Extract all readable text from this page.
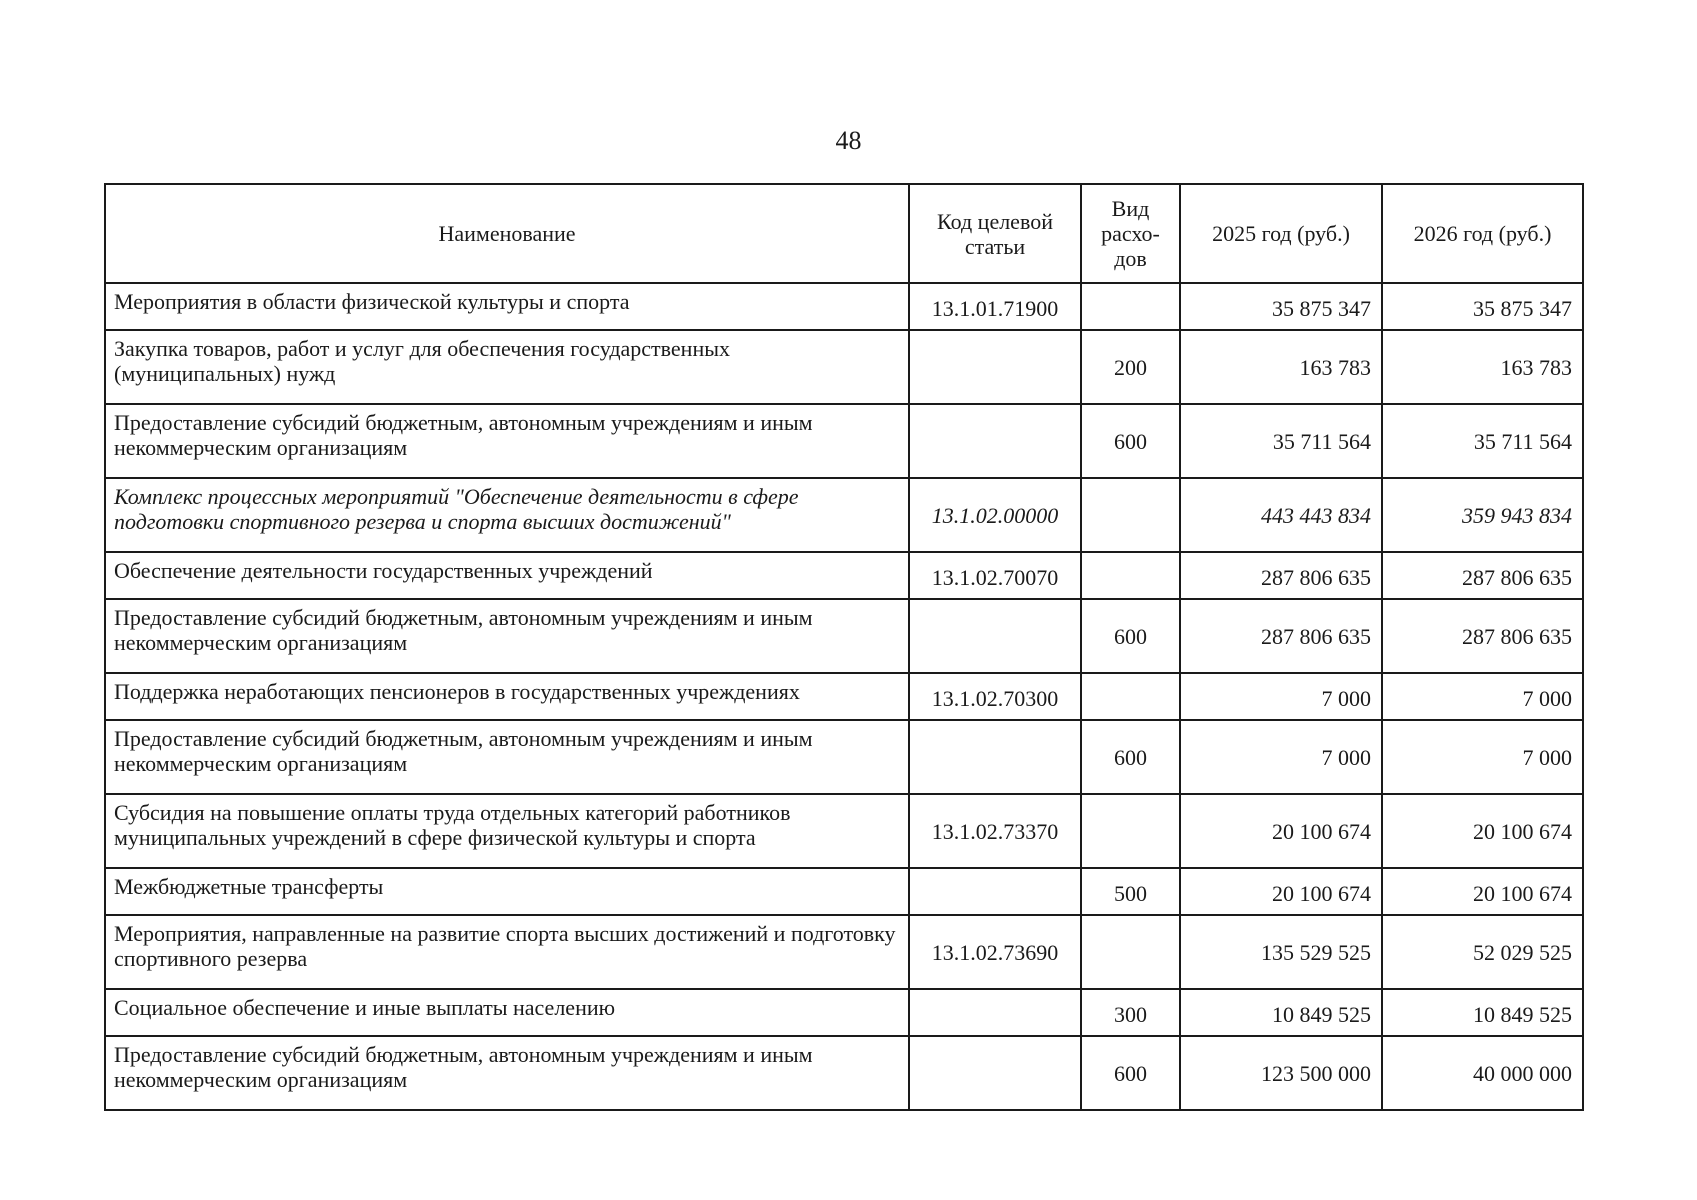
48
Наименование	Код целевой статьи	Вид расхо-дов	2025 год (руб.)	2026 год (руб.)
Мероприятия в области физической культуры и спорта	13.1.01.71900		35 875 347	35 875 347
Закупка товаров, работ и услуг для обеспечения государственных (муниципальных) нужд		200	163 783	163 783
Предоставление субсидий бюджетным, автономным учреждениям и иным некоммерческим организациям		600	35 711 564	35 711 564
Комплекс процессных мероприятий "Обеспечение деятельности в сфере подготовки спортивного резерва и спорта высших достижений"	13.1.02.00000		443 443 834	359 943 834
Обеспечение деятельности государственных учреждений	13.1.02.70070		287 806 635	287 806 635
Предоставление субсидий бюджетным, автономным учреждениям и иным некоммерческим организациям		600	287 806 635	287 806 635
Поддержка неработающих пенсионеров в государственных учреждениях	13.1.02.70300		7 000	7 000
Предоставление субсидий бюджетным, автономным учреждениям и иным некоммерческим организациям		600	7 000	7 000
Субсидия на повышение оплаты труда отдельных категорий работников муниципальных учреждений в сфере физической культуры и спорта	13.1.02.73370		20 100 674	20 100 674
Межбюджетные трансферты		500	20 100 674	20 100 674
Мероприятия, направленные на развитие спорта высших достижений и подготовку спортивного резерва	13.1.02.73690		135 529 525	52 029 525
Социальное обеспечение и иные выплаты населению		300	10 849 525	10 849 525
Предоставление субсидий бюджетным, автономным учреждениям и иным некоммерческим организациям		600	123 500 000	40 000 000
